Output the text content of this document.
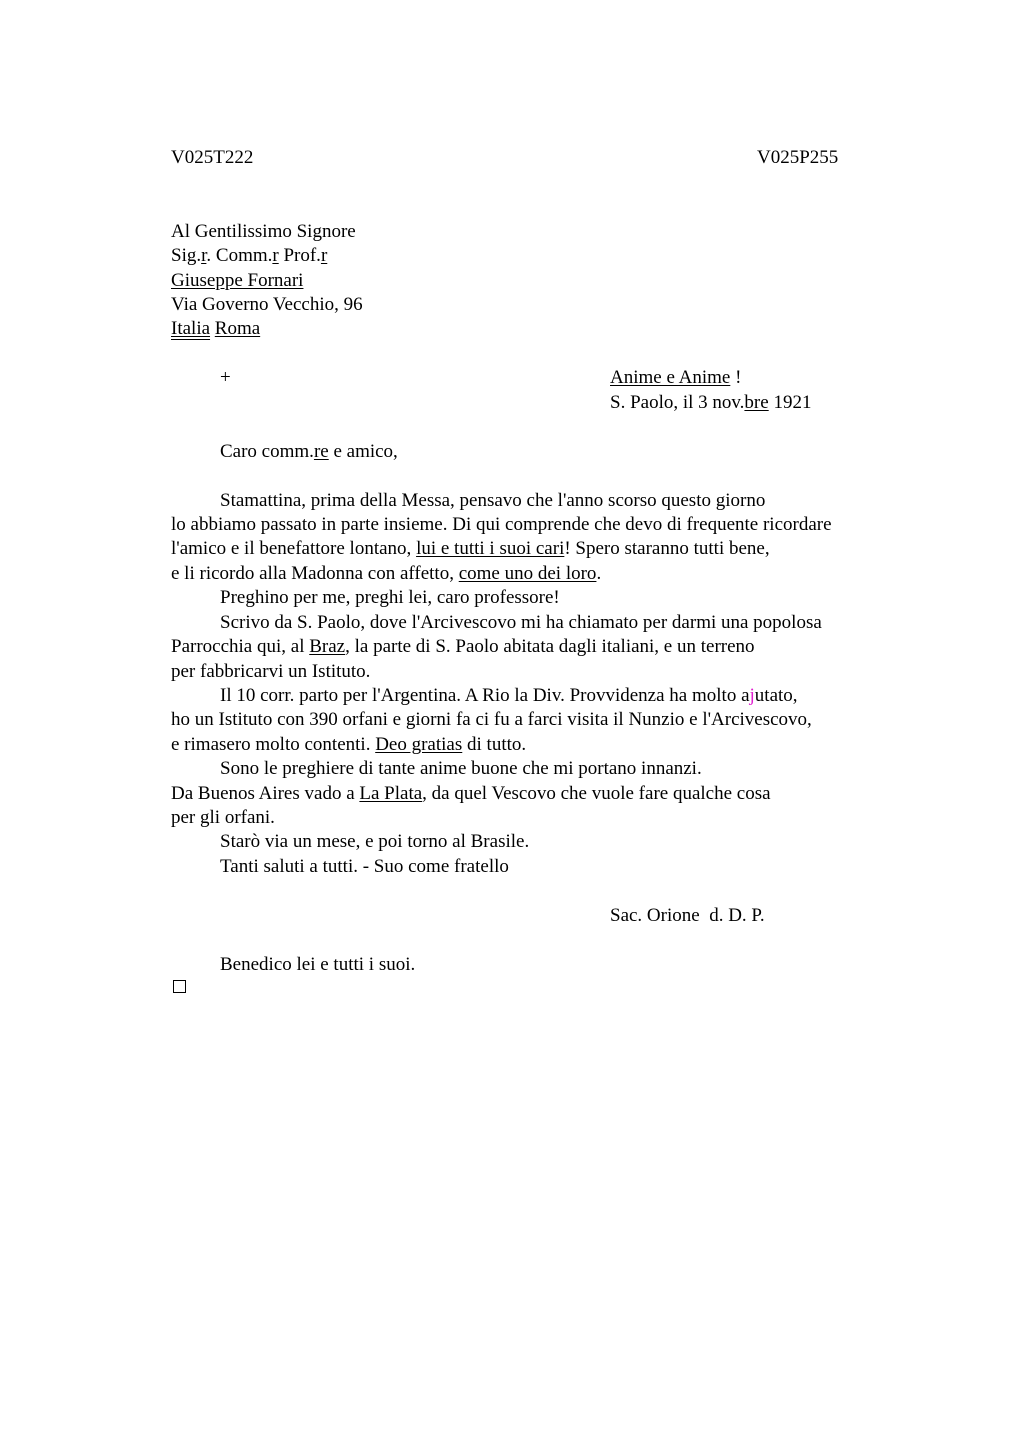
V025T222	V025P255
Al Gentilissimo Signore
Sig.r. Comm.r Prof.r
Giuseppe Fornari
Via Governo Vecchio, 96
Italia Roma
+	Anime e Anime !
S. Paolo, il 3 nov.bre 1921
Caro comm.re e amico,
Stamattina, prima della Messa, pensavo che l'anno scorso questo giorno
lo abbiamo passato in parte insieme. Di qui comprende che devo di frequente ricordare
l'amico e il benefattore lontano, lui e tutti i suoi cari! Spero staranno tutti bene,
e li ricordo alla Madonna con affetto, come uno dei loro.
Preghino per me, preghi lei, caro professore!
Scrivo da S. Paolo, dove l'Arcivescovo mi ha chiamato per darmi una popolosa
Parrocchia qui, al Braz, la parte di S. Paolo abitata dagli italiani, e un terreno
per fabbricarvi un Istituto.
Il 10 corr. parto per l'Argentina. A Rio la Div. Provvidenza ha molto ajutato,
ho un Istituto con 390 orfani e giorni fa ci fu a farci visita il Nunzio e l'Arcivescovo,
e rimasero molto contenti. Deo gratias di tutto.
Sono le preghiere di tante anime buone che mi portano innanzi.
Da Buenos Aires vado a La Plata, da quel Vescovo che vuole fare qualche cosa
per gli orfani.
Starò via un mese, e poi torno al Brasile.
Tanti saluti a tutti. - Suo come fratello
Sac. Orione  d. D. P.
Benedico lei e tutti i suoi.
